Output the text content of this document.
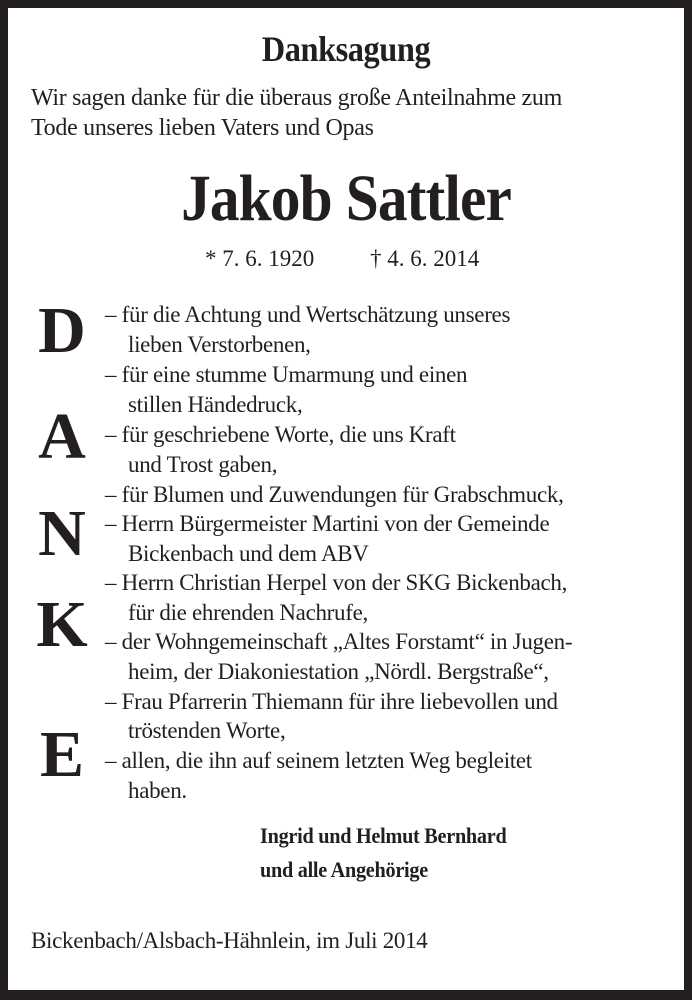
Danksagung
Wir sagen danke für die überaus große Anteilnahme zum
Tode unseres lieben Vaters und Opas
Jakob Sattler
* 7. 6. 1920 † 4. 6. 2014
D
A
N
K
E
– für die Achtung und Wertschätzung unseres
lieben Verstorbenen,
– für eine stumme Umarmung und einen
stillen Händedruck,
– für geschriebene Worte, die uns Kraft
und Trost gaben,
– für Blumen und Zuwendungen für Grabschmuck,
– Herrn Bürgermeister Martini von der Gemeinde
Bickenbach und dem ABV
– Herrn Christian Herpel von der SKG Bickenbach,
für die ehrenden Nachrufe,
– der Wohngemeinschaft „Altes Forstamt“ in Jugen-
heim, der Diakoniestation „Nördl. Bergstraße“,
– Frau Pfarrerin Thiemann für ihre liebevollen und
tröstenden Worte,
– allen, die ihn auf seinem letzten Weg begleitet
haben.
Ingrid und Helmut Bernhard
und alle Angehörige
Bickenbach/Alsbach-Hähnlein, im Juli 2014
